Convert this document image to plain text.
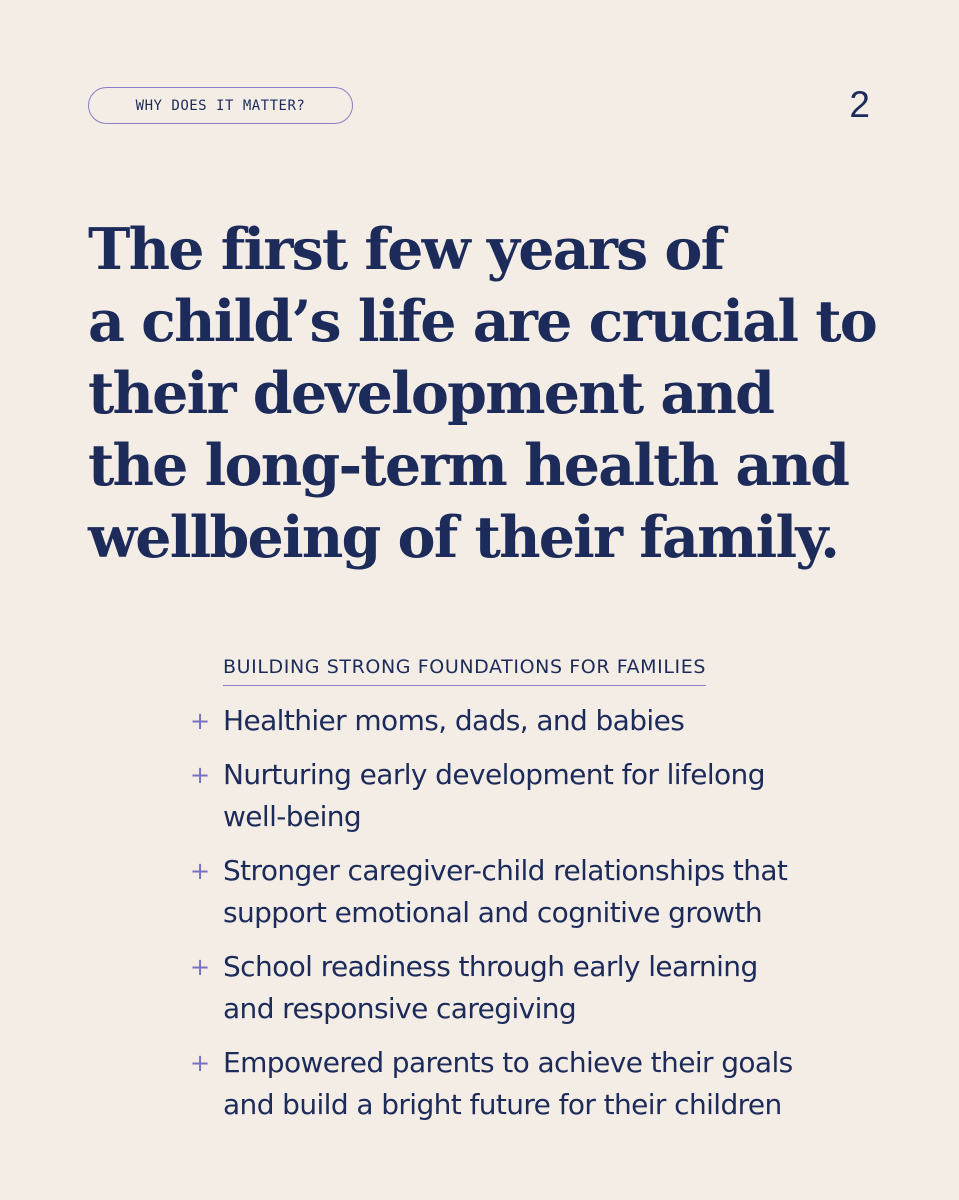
WHY DOES IT MATTER?	2
The first few years of
a child’s life are crucial to
their development and
the long-term health and
wellbeing of their family.
BUILDING STRONG FOUNDATIONS FOR FAMILIES
+ Healthier moms, dads, and babies
+ Nurturing early development for lifelong
well-being
+ Stronger caregiver-child relationships that
support emotional and cognitive growth
+ School readiness through early learning
and responsive caregiving
+ Empowered parents to achieve their goals
and build a bright future for their children
